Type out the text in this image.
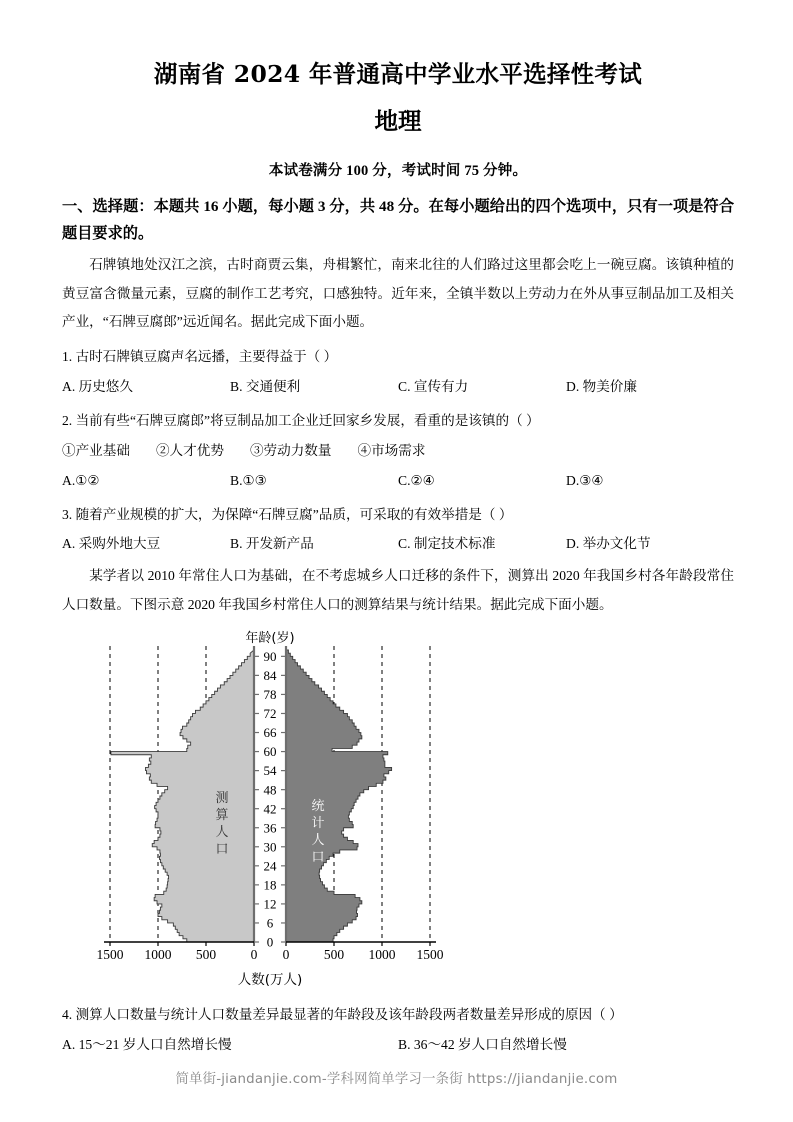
湖南省 2024 年普通高中学业水平选择性考试
地理
本试卷满分 100 分，考试时间 75 分钟。
一、选择题：本题共 16 小题，每小题 3 分，共 48 分。在每小题给出的四个选项中，只有一项是符合题目要求的。
石牌镇地处汉江之滨，古时商贾云集，舟楫繁忙，南来北往的人们路过这里都会吃上一碗豆腐。该镇种植的黄豆富含微量元素，豆腐的制作工艺考究，口感独特。近年来，全镇半数以上劳动力在外从事豆制品加工及相关产业，“石牌豆腐郎”远近闻名。据此完成下面小题。
1. 古时石牌镇豆腐声名远播，主要得益于（ ）
A. 历史悠久	B. 交通便利	C. 宣传有力	D. 物美价廉
2. 当前有些“石牌豆腐郎”将豆制品加工企业迁回家乡发展，看重的是该镇的（ ）
①产业基础 ②人才优势 ③劳动力数量 ④市场需求
A.①②	B.①③	C.②④	D.③④
3. 随着产业规模的扩大，为保障“石牌豆腐”品质，可采取的有效举措是（ ）
A. 采购外地大豆	B. 开发新产品	C. 制定技术标准	D. 举办文化节
某学者以 2010 年常住人口为基础，在不考虑城乡人口迁移的条件下，测算出 2020 年我国乡村各年龄段常住人口数量。下图示意 2020 年我国乡村常住人口的测算结果与统计结果。据此完成下面小题。
1500 1000 500	0 0	500 1000 1500
0
6
12
18
24
30
36
42
48
54
60
66
72
78
84
90
年龄(岁)
人数(万人)
测
算
人
口
统
计
人
口
4. 测算人口数量与统计人口数量差异最显著的年龄段及该年龄段两者数量差异形成的原因（ ）
A. 15～21 岁人口自然增长慢	B. 36～42 岁人口自然增长慢
简单街-jiandanjie.com-学科网简单学习一条街 https://jiandanjie.com
